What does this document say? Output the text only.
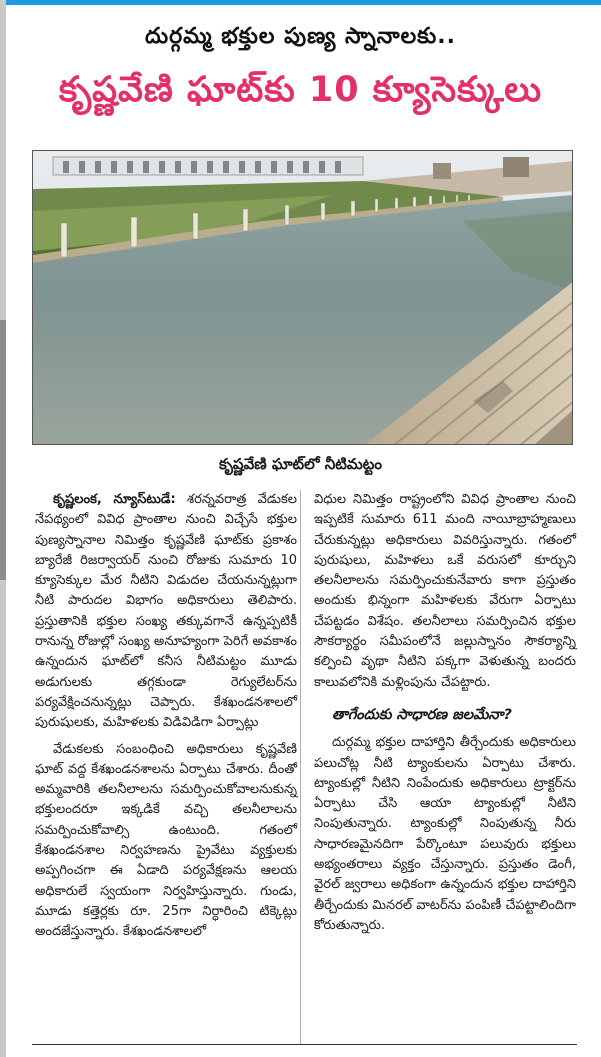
దుర్గమ్మ భక్తుల పుణ్య స్నానాలకు..
కృష్ణవేణి ఘాట్‌కు 10 క్యూసెక్కులు
కృష్ణవేణి ఘాట్‌లో నీటిమట్టం

కృష్ణలంక, న్యూస్‌టుడే: శరన్నవరాత్ర వేడుకల నేపథ్యంలో వివిధ ప్రాంతాల నుంచి విచ్చేసే భక్తుల పుణ్యస్నానాల నిమిత్తం కృష్ణవేణి ఘాట్‌కు ప్రకాశం బ్యారేజీ రిజర్వాయర్‌ నుంచి రోజుకు సుమారు 10 క్యూసెక్కుల మేర నీటిని విడుదల చేయనున్నట్లుగా నీటి పారుదల విభాగం అధికారులు తెలిపారు. ప్రస్తుతానికి భక్తుల సంఖ్య తక్కువగానే ఉన్నప్పటికీ రానున్న రోజుల్లో సంఖ్య అనూహ్యంగా పెరిగే అవకాశం ఉన్నందున ఘాట్‌లో కనీస నీటిమట్టం మూడు అడుగులకు తగ్గకుండా రెగ్యులేటర్‌ను పర్యవేక్షించనున్నట్లు చెప్పారు. కేశఖండనశాలలో పురుషులకు, మహిళలకు విడివిడిగా ఏర్పాట్లు

వేడుకలకు సంబంధించి అధికారులు కృష్ణవేణి ఘాట్‌ వద్ద కేశఖండనశాలను ఏర్పాటు చేశారు. దీంతో అమ్మవారికి తలనీలాలను సమర్పించుకోవాలనుకున్న భక్తులందరూ ఇక్కడికే వచ్చి తలనీలాలను సమర్పించుకోవాల్సి ఉంటుంది. గతంలో కేశఖండనశాల నిర్వహణను ప్రైవేటు వ్యక్తులకు అప్పగించగా ఈ ఏడాది పర్యవేక్షణను ఆలయ అధికారులే స్వయంగా నిర్వహిస్తున్నారు. గుండు, మూడు కత్తెర్లకు రూ. 25గా నిర్ధారించి టిక్కెట్లు అందజేస్తున్నారు. కేశఖండనశాలలో

విధుల నిమిత్తం రాష్ట్రంలోని వివిధ ప్రాంతాల నుంచి ఇప్పటికే సుమారు 611 మంది నాయీబ్రాహ్మణులు చేరుకున్నట్లు అధికారులు వివరిస్తున్నారు. గతంలో పురుషులు, మహిళలు ఒకే వరుసలో కూర్చుని తలనీలాలను సమర్పించుకునేవారు కాగా ప్రస్తుతం అందుకు భిన్నంగా మహిళలకు వేరుగా ఏర్పాటు చేపట్టడం విశేషం. తలనీలాలు సమర్పించిన భక్తుల సౌకర్యార్థం సమీపంలోనే జల్లుస్నానం సౌకర్యాన్ని కల్పించి వృథా నీటిని పక్కగా వెళుతున్న బందరు కాలువలోనికి మళ్లింపును చేపట్టారు.

తాగేందుకు సాధారణ జలమేనా?

దుర్గమ్మ భక్తుల దాహార్తిని తీర్చేందుకు అధికారులు పలుచోట్ల నీటి ట్యాంకులను ఏర్పాటు చేశారు. ట్యాంకుల్లో నీటిని నింపేందుకు అధికారులు ట్రాక్టర్‌ను ఏర్పాటు చేసి ఆయా ట్యాంకుల్లో నీటిని నింపుతున్నారు. ట్యాంకుల్లో నింపుతున్న నీరు సాధారణమైనదిగా పేర్కొంటూ పలువురు భక్తులు అభ్యంతరాలు వ్యక్తం చేస్తున్నారు. ప్రస్తుతం డెంగీ, వైరల్‌ జ్వరాలు అధికంగా ఉన్నందున భక్తుల దాహార్తిని తీర్చేందుకు మినరల్‌ వాటర్‌ను పంపిణీ చేపట్టాలిందిగా కోరుతున్నారు.
